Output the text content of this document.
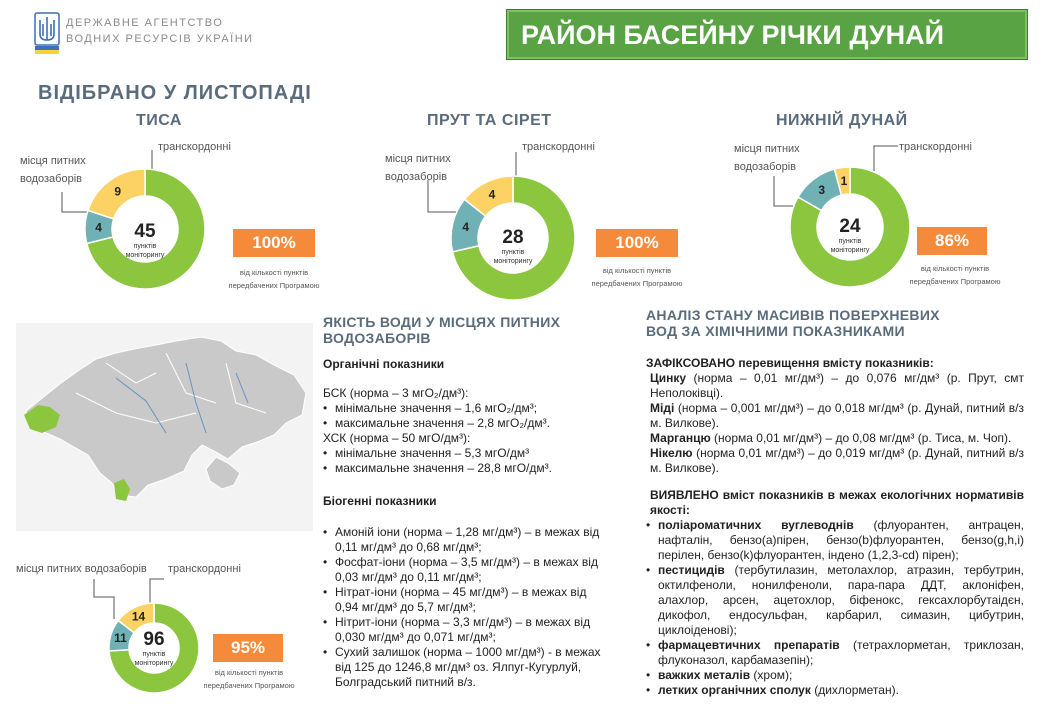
ДЕРЖАВНЕ АГЕНТСТВО
ВОДНИХ РЕСУРСІВ УКРАЇНИ	РАЙОН БАСЕЙНУ РІЧКИ ДУНАЙ
ВІДІБРАНО У ЛИСТОПАДІ
ТИСА	ПРУТ ТА СІРЕТ	НИЖНІЙ ДУНАЙ
місця питних
водозаборів
транскордонні
4
9
45
пунктів
моніторингу
100%
від кількості пунктів
передбачених Програмою
місця питних
водозаборів
транскордонні
4
4
28
пунктів
моніторингу
100%
від кількості пунктів
передбачених Програмою
місця питних
водозаборів
транскордонні
3
1
24
пунктів
моніторингу
86%
від кількості пунктів
передбачених Програмою
місця питних водозаборів транскордонні
11
14
96
пунктів
моніторингу
95%
від кількості пунктів
передбачених Програмою
ЯКІСТЬ ВОДИ У МІСЦЯХ ПИТНИХ
ВОДОЗАБОРІВ
Органічні показники
БСК (норма – 3 мгО₂/дм³):
• мінімальне значення – 1,6 мгО₂/дм³;
• максимальне значення – 2,8 мгО₂/дм³.
ХСК (норма – 50 мгО/дм³):
• мінімальне значення – 5,3 мгО/дм³
• максимальне значення – 28,8 мгО/дм³.
Біогенні показники
• Амоній іони (норма – 1,28 мг/дм³) – в межах від 0,11 мг/дм³ до 0,68 мг/дм³;
• Фосфат-іони (норма – 3,5 мг/дм³) – в межах від 0,03 мг/дм³ до 0,11 мг/дм³;
• Нітрат-іони (норма – 45 мг/дм³) – в межах від 0,94 мг/дм³ до 5,7 мг/дм³;
• Нітрит-іони (норма – 3,3 мг/дм³) – в межах від 0,030 мг/дм³ до 0,071 мг/дм³;
• Сухий залишок (норма – 1000 мг/дм³) - в межах від 125 до 1246,8 мг/дм³ оз. Ялпуг-Кугурлуй, Болградський питний в/з.
АНАЛІЗ СТАНУ МАСИВІВ ПОВЕРХНЕВИХ
ВОД ЗА ХІМІЧНИМИ ПОКАЗНИКАМИ
ЗАФІКСОВАНО перевищення вмісту показників:
Цинку (норма – 0,01 мг/дм³) – до 0,076 мг/дм³ (р. Прут, смт Неполоківці).
Міді (норма – 0,001 мг/дм³) – до 0,018 мг/дм³ (р. Дунай, питний в/з м. Вилкове).
Марганцю (норма 0,01 мг/дм³) – до 0,08 мг/дм³ (р. Тиса, м. Чоп).
Нікелю (норма 0,01 мг/дм³) – до 0,019 мг/дм³ (р. Дунай, питний в/з м. Вилкове).
ВИЯВЛЕНО вміст показників в межах екологічних нормативів якості:
• поліароматичних вуглеводнів (флуорантен, антрацен, нафталін, бензо(а)пірен, бензо(b)флуорантен, бензо(g,h,i) перілен, бензо(k)флуорантен, індено (1,2,3-cd) пірен);
• пестицидів (тербутилазин, метолахлор, атразин, тербутрин, октилфеноли, нонилфеноли, пара-пара ДДТ, аклоніфен, алахлор, арсен, ацетохлор, біфенокс, гексахлорбутаідєн, дикофол, ендосульфан, карбарил, симазин, цибутрин, циклоіденові);
• фармацевтичних препаратів (тетрахлорметан, триклозан, флуконазол, карбамазепін);
• важких металів (хром);
• летких органічних сполук (дихлорметан).
